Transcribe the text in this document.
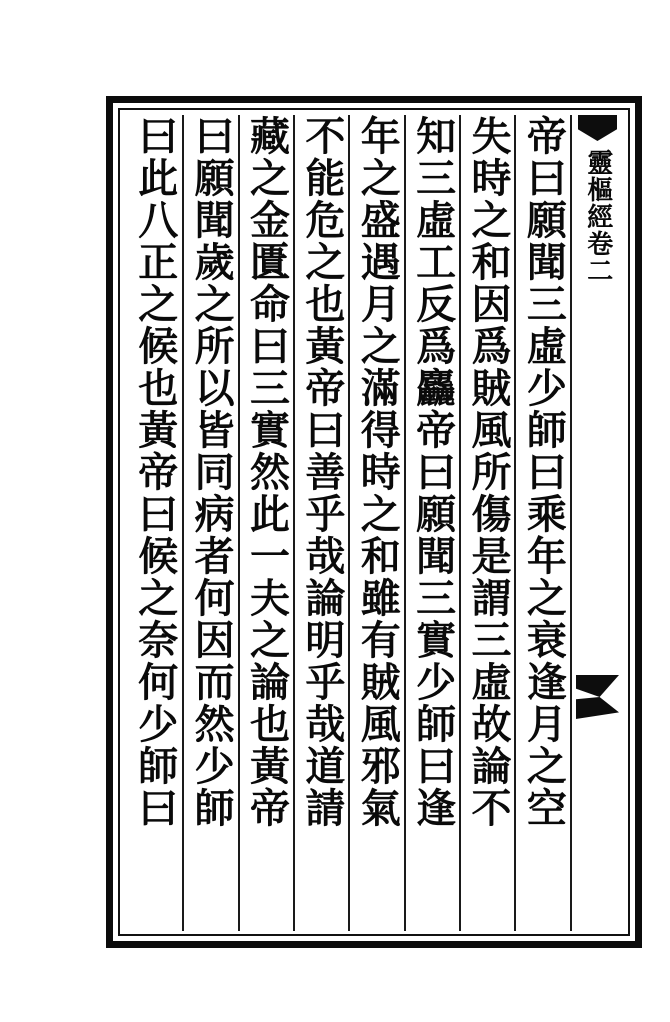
靈樞經卷二
帝曰願聞三虛少師曰乘年之衰逢月之空
失時之和因爲賊風所傷是謂三虛故論不
知三虛工反爲麤帝曰願聞三實少師曰逢
年之盛遇月之滿得時之和雖有賊風邪氣
不能危之也黃帝曰善乎哉論明乎哉道請
藏之金匱命曰三實然此一夫之論也黃帝
曰願聞歲之所以皆同病者何因而然少師
曰此八正之候也黃帝曰候之奈何少師曰
